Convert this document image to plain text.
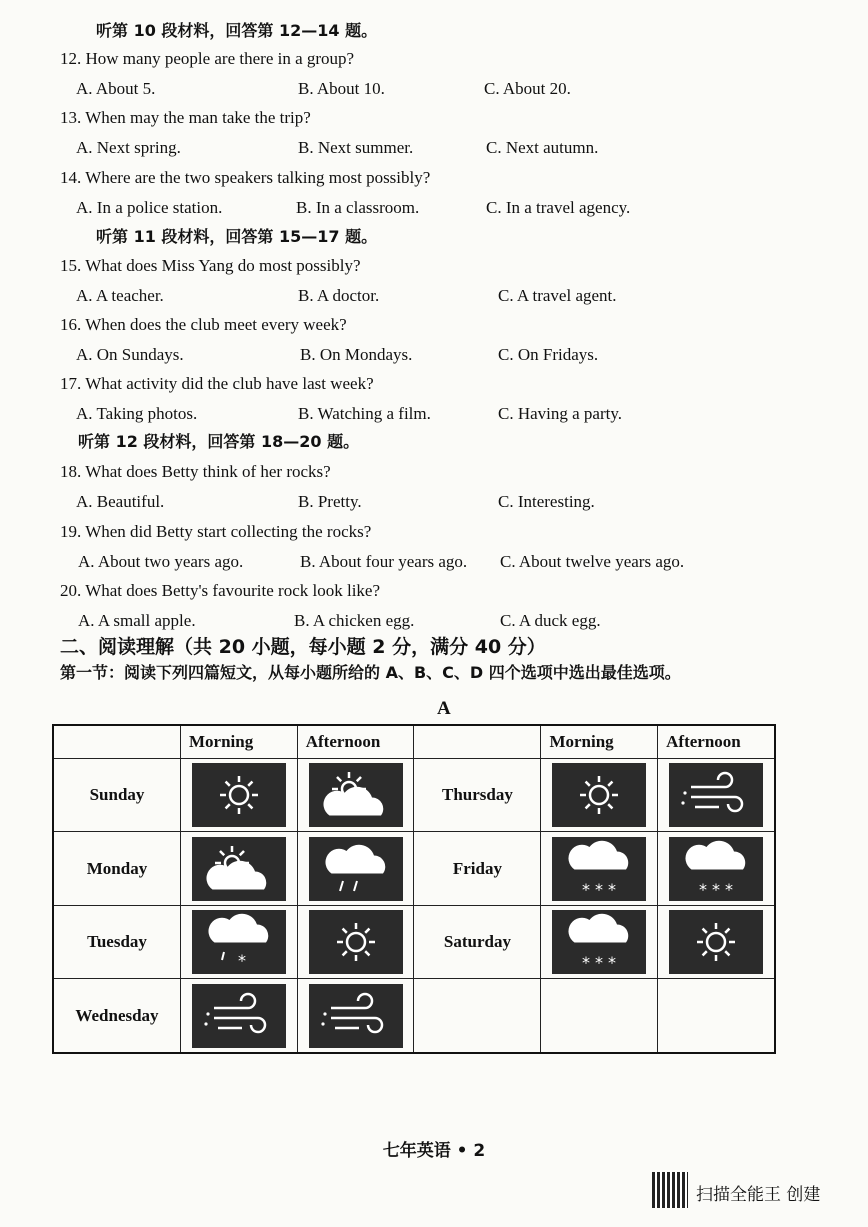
听第 10 段材料，回答第 12—14 题。
12. How many people are there in a group?
A. About 5.	B. About 10.	C. About 20.
13. When may the man take the trip?
A. Next spring.	B. Next summer.	C. Next autumn.
14. Where are the two speakers talking most possibly?
A. In a police station.	B. In a classroom.	C. In a travel agency.
听第 11 段材料，回答第 15—17 题。
15. What does Miss Yang do most possibly?
A. A teacher.	B. A doctor.	C. A travel agent.
16. When does the club meet every week?
A. On Sundays.	B. On Mondays.	C. On Fridays.
17. What activity did the club have last week?
A. Taking photos.	B. Watching a film.	C. Having a party.
听第 12 段材料，回答第 18—20 题。
18. What does Betty think of her rocks?
A. Beautiful.	B. Pretty.	C. Interesting.
19. When did Betty start collecting the rocks?
A. About two years ago.	B. About four years ago. C. About twelve years ago.
20. What does Betty's favourite rock look like?
A. A small apple.	B. A chicken egg.	C. A duck egg.
二、阅读理解（共 20 小题，每小题 2 分，满分 40 分）
第一节：阅读下列四篇短文，从每小题所给的 A、B、C、D 四个选项中选出最佳选项。
A
	Morning	Afternoon		Morning	Afternoon
Sunday			Thursday	

Monday			Friday	* * *	* * *

Tuesday	*		Saturday	* * *

Wednesday	

七年英语 • 2
扫描全能王 创建
